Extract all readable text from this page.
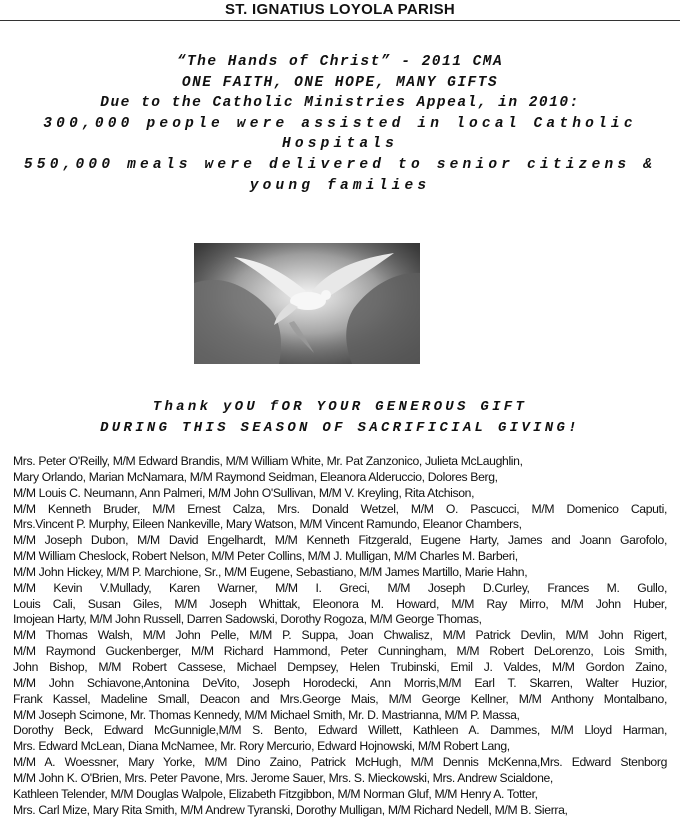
ST. IGNATIUS LOYOLA PARISH
“The Hands of Christ” - 2011 CMA
ONE FAITH, ONE HOPE, MANY GIFTS
Due to the Catholic Ministries Appeal, in 2010:
300,000 people were assisted in local Catholic
Hospitals
550,000 meals were delivered to senior citizens &
young families
Thank yOU fOR YOUR GENEROUS GIFT
DURING THIS SEASON OF SACRIFICIAL GIVING!
Mrs. Peter O'Reilly, M/M Edward Brandis, M/M William White, Mr. Pat Zanzonico, Julieta McLaughlin,
Mary Orlando, Marian McNamara, M/M Raymond Seidman, Eleanora Alderuccio, Dolores Berg,
M/M Louis C. Neumann, Ann Palmeri, M/M John O'Sullivan, M/M V. Kreyling, Rita Atchison,
M/M Kenneth Bruder, M/M Ernest Calza, Mrs. Donald Wetzel, M/M O. Pascucci, M/M Domenico Caputi,
Mrs.Vincent P. Murphy, Eileen Nankeville, Mary Watson, M/M Vincent Ramundo, Eleanor Chambers,
M/M Joseph Dubon, M/M David Engelhardt, M/M Kenneth Fitzgerald, Eugene Harty, James and Joann Garofolo,
M/M William Cheslock, Robert Nelson, M/M Peter Collins, M/M J. Mulligan, M/M Charles M. Barberi,
M/M John Hickey, M/M P. Marchione, Sr., M/M Eugene, Sebastiano, M/M James Martillo, Marie Hahn,
M/M Kevin V.Mullady, Karen Warner, M/M I. Greci, M/M Joseph D.Curley, Frances M. Gullo,
Louis Cali, Susan Giles, M/M Joseph Whittak, Eleonora M. Howard, M/M Ray Mirro, M/M John Huber,
Imojean Harty, M/M John Russell, Darren Sadowski, Dorothy Rogoza, M/M George Thomas,
M/M Thomas Walsh, M/M John Pelle, M/M P. Suppa, Joan Chwalisz, M/M Patrick Devlin, M/M John Rigert,
M/M Raymond Guckenberger, M/M Richard Hammond, Peter Cunningham, M/M Robert DeLorenzo, Lois Smith,
John Bishop, M/M Robert Cassese, Michael Dempsey, Helen Trubinski, Emil J. Valdes, M/M Gordon Zaino,
M/M John Schiavone,Antonina DeVito, Joseph Horodecki, Ann Morris,M/M Earl T. Skarren, Walter Huzior,
Frank Kassel, Madeline Small, Deacon and Mrs.George Mais, M/M George Kellner, M/M Anthony Montalbano,
M/M Joseph Scimone, Mr. Thomas Kennedy, M/M Michael Smith, Mr. D. Mastrianna, M/M P. Massa,
Dorothy Beck, Edward McGunnigle,M/M S. Bento, Edward Willett, Kathleen A. Dammes, M/M Lloyd Harman,
Mrs. Edward McLean, Diana McNamee, Mr. Rory Mercurio, Edward Hojnowski, M/M Robert Lang,
M/M A. Woessner, Mary Yorke, M/M Dino Zaino, Patrick McHugh, M/M Dennis McKenna,Mrs. Edward Stenborg
M/M John K. O'Brien, Mrs. Peter Pavone, Mrs. Jerome Sauer, Mrs. S. Mieckowski, Mrs. Andrew Scialdone,
Kathleen Telender, M/M Douglas Walpole, Elizabeth Fitzgibbon, M/M Norman Gluf, M/M Henry A. Totter,
Mrs. Carl Mize, Mary Rita Smith, M/M Andrew Tyranski, Dorothy Mulligan, M/M Richard Nedell, M/M B. Sierra,
